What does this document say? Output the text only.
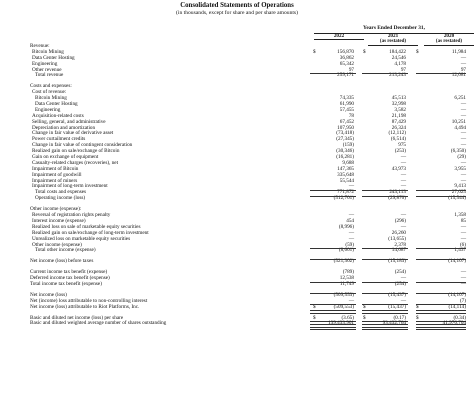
Consolidated Statements of Operations
(in thousands, except for share and per share amounts)
Years Ended December 31,
2022	2021
(as restated)
2020
(as restated)
Revenue:
Bitcoin Mining	$	156,870 $	184,422 $	11,984
Data Center Hosting	36,862	24,546	—
Engineering	65,342	4,178	—
Other revenue	97	97	97
Total revenue	259,171	213,243	12,081
Costs and expenses:
Cost of revenue:
Bitcoin Mining	74,335	45,513	6,251
Data Center Hosting	61,990	32,998	—
Engineering	57,455	3,582	—
Acquisition-related costs	78	21,198	—
Selling, general, and administrative	67,452	87,429	10,251
Depreciation and amortization	107,950	26,324	4,494
Change in fair value of derivative asset	(73,418)	(12,112)	—
Power curtailment credits	(27,345)	(6,514)	—
Change in fair value of contingent consideration	(159)	975	—
Realized gain on sale/exchange of Bitcoin	(30,346)	(253)	(6,350)
Gain on exchange of equipment	(16,281)	—	(29)
Casualty-related charges (recoveries), net	9,688	—	—
Impairment of Bitcoin	147,365	43,973	3,955
Impairment of goodwill	335,648	—	—
Impairment of miners	55,544	—	—
Impairment of long-term investment	—	—	9,413
Total costs and expenses	771,872	243,113	27,625
Operating income (loss)	(512,701)	(29,870)	(15,544)
Other income (expense):
Reversal of registration rights penalty	—	—	1,358
Interest income (expense)	454	(296)	85
Realized loss on sale of marketable equity securities	(8,996)	—	—
Realized gain on sale/exchange of long-term investment	—	26,260	—
Unrealized loss on marketable equity securities	—	(13,655)	—
Other income (expense)	(59)	2,378	(6)
Total other income (expense)	(8,601)	14,687	1,437
Net income (loss) before taxes	(521,302)	(15,183)	(14,107)
Current income tax benefit (expense)	(789)	(254)	—
Deferred income tax benefit (expense)	12,538	—	—
Total income tax benefit (expense)	11,749	(254)	—
Net income (loss)	(509,553)	(15,437)	(14,107)
Net (income) loss attributable to non-controlling interest	—	—	(7)
Net income (loss) attributable to Riot Platforms, Inc.	$	(509,553) $	(15,437) $	(14,114)
Basic and diluted net income (loss) per share	$	(3.65) $	(0.17) $	(0.34)
Basic and diluted weighted average number of shares outstanding	139,433,901	93,432,764	41,976,704
